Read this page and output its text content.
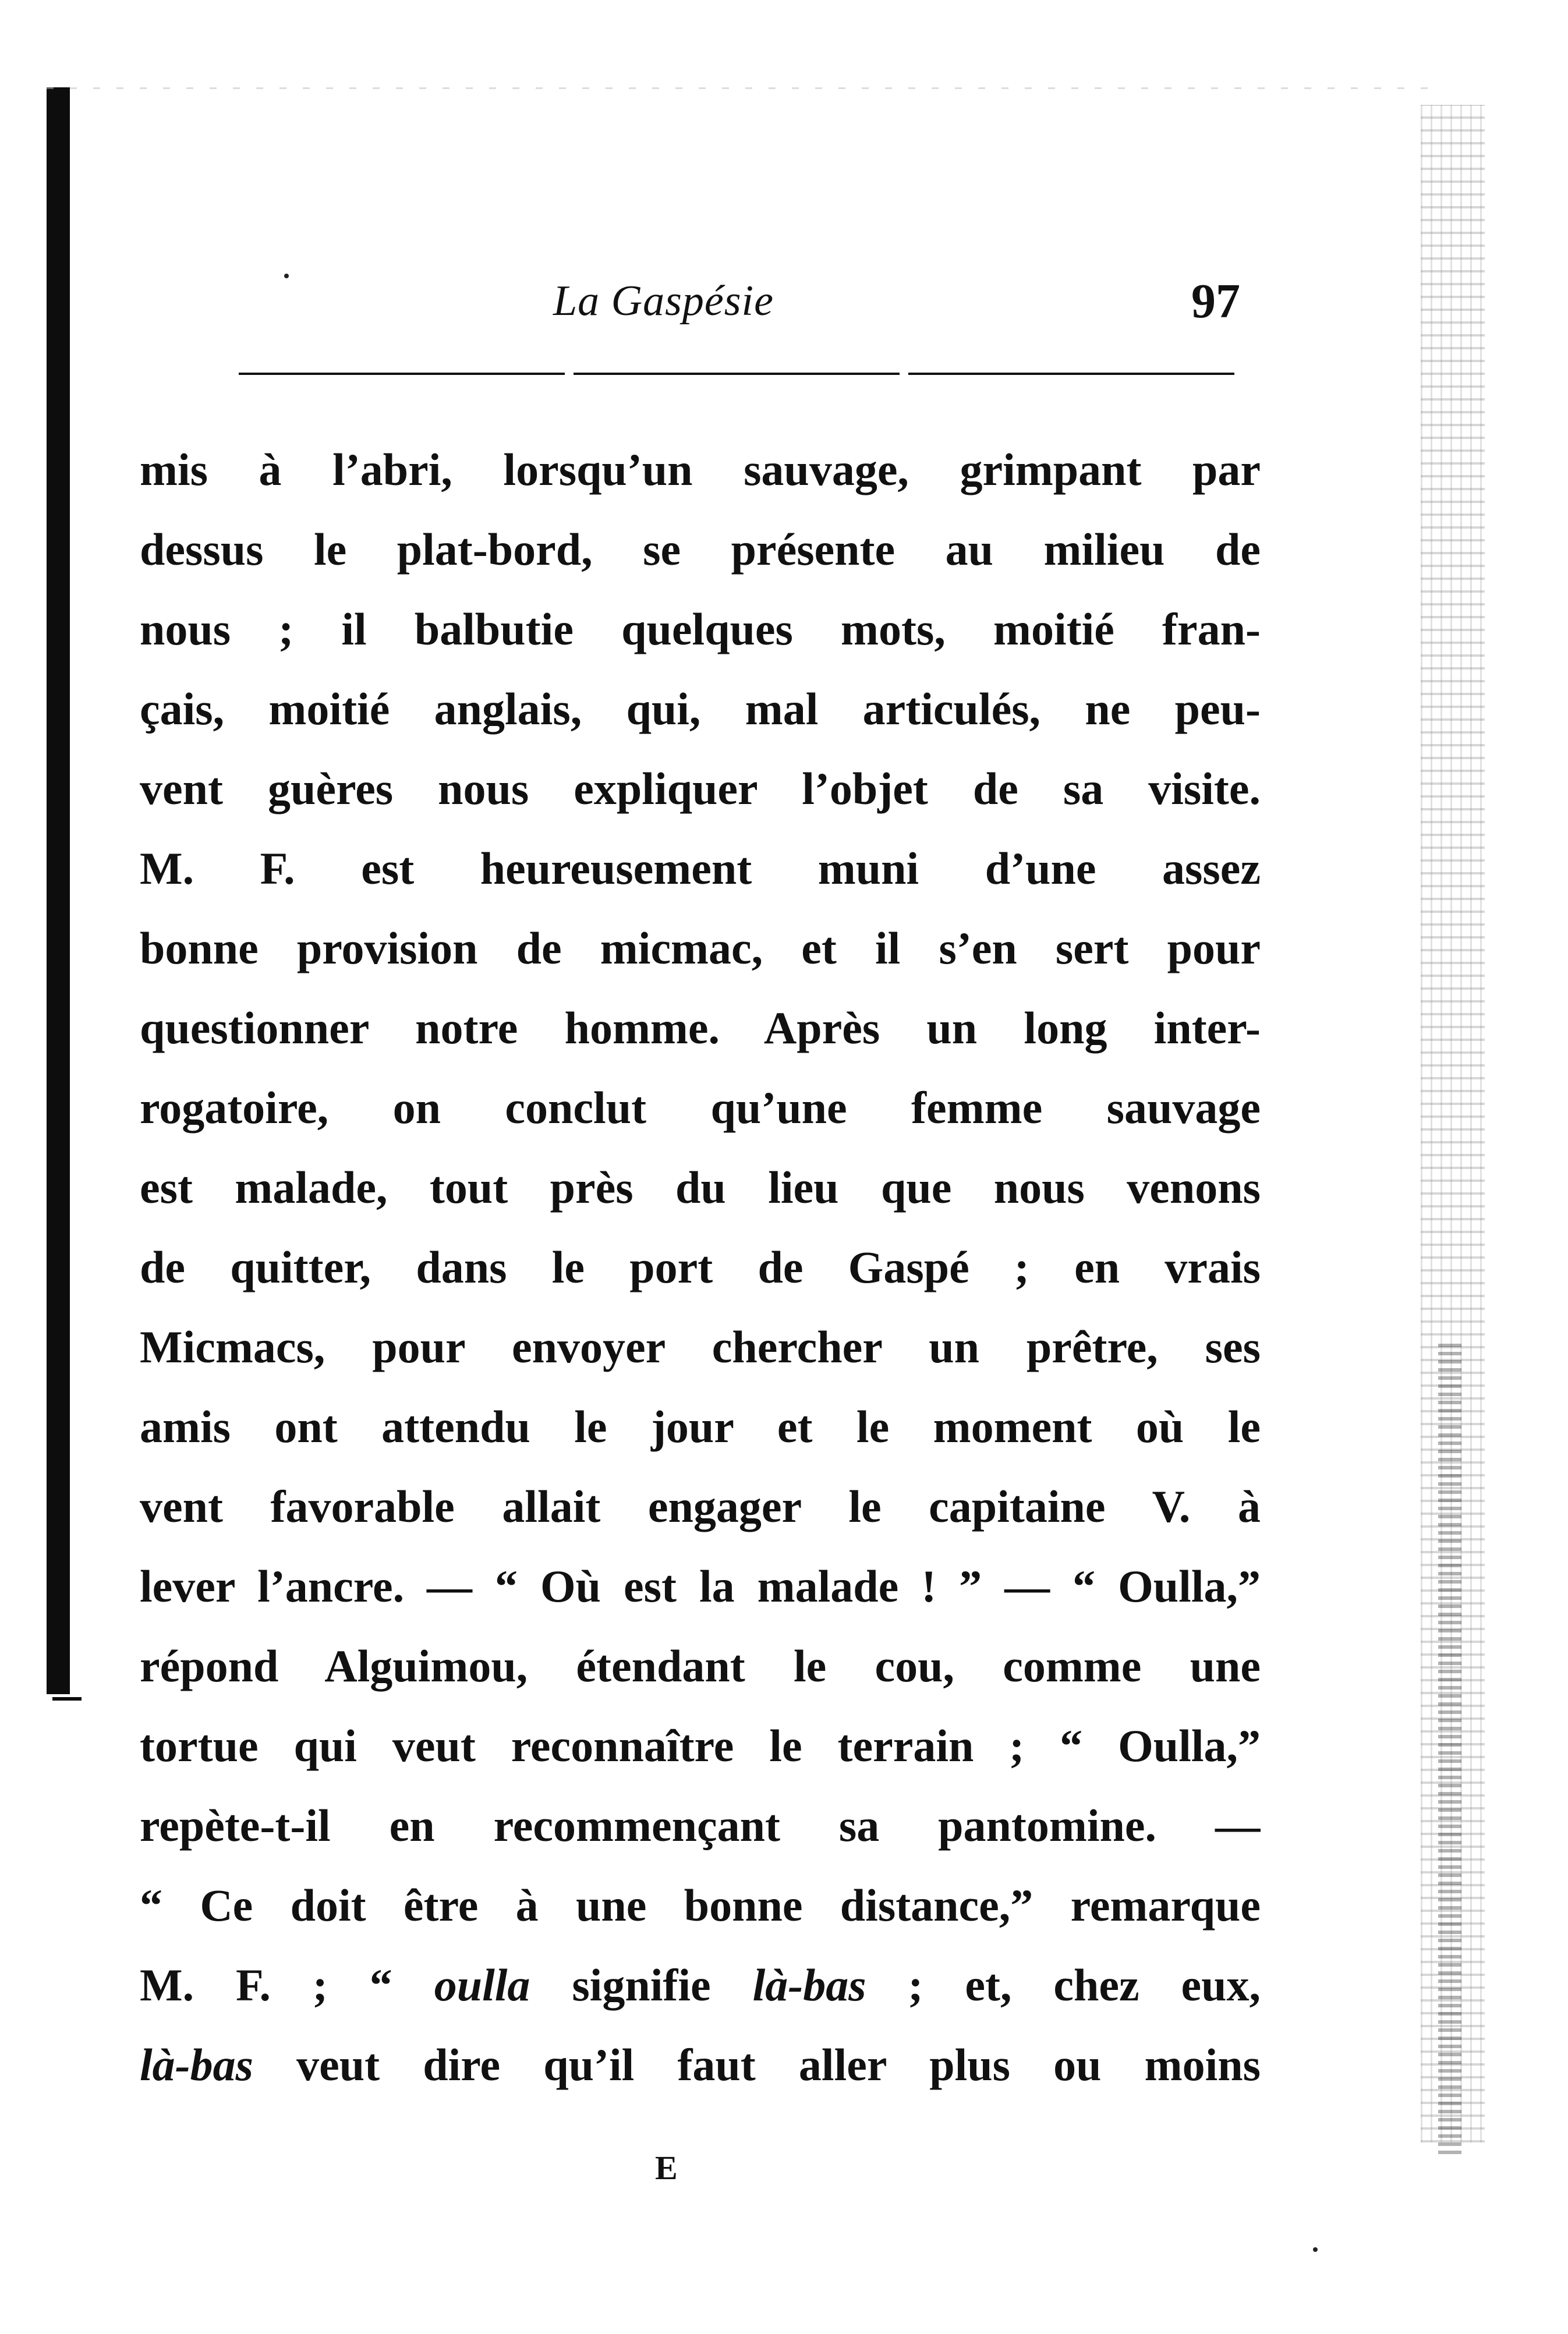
La Gaspésie	97
mis à l’abri, lorsqu’un sauvage, grimpant par
dessus le plat-bord, se présente au milieu de
nous ; il balbutie quelques mots, moitié fran-
çais, moitié anglais, qui, mal articulés, ne peu-
vent guères nous expliquer l’objet de sa visite.
M. F. est heureusement muni d’une assez
bonne provision de micmac, et il s’en sert pour
questionner notre homme. Après un long inter-
rogatoire, on conclut qu’une femme sauvage
est malade, tout près du lieu que nous venons
de quitter, dans le port de Gaspé ; en vrais
Micmacs, pour envoyer chercher un prêtre, ses
amis ont attendu le jour et le moment où le
vent favorable allait engager le capitaine V. à
lever l’ancre. — “ Où est la malade ! ” — “ Oulla,”
répond Alguimou, étendant le cou, comme une
tortue qui veut reconnaître le terrain ; “ Oulla,”
repète-t-il en recommençant sa pantomine. —
“ Ce doit être à une bonne distance,” remarque
M. F. ; “ oulla signifie là-bas ; et, chez eux,
là-bas veut dire qu’il faut aller plus ou moins
E
